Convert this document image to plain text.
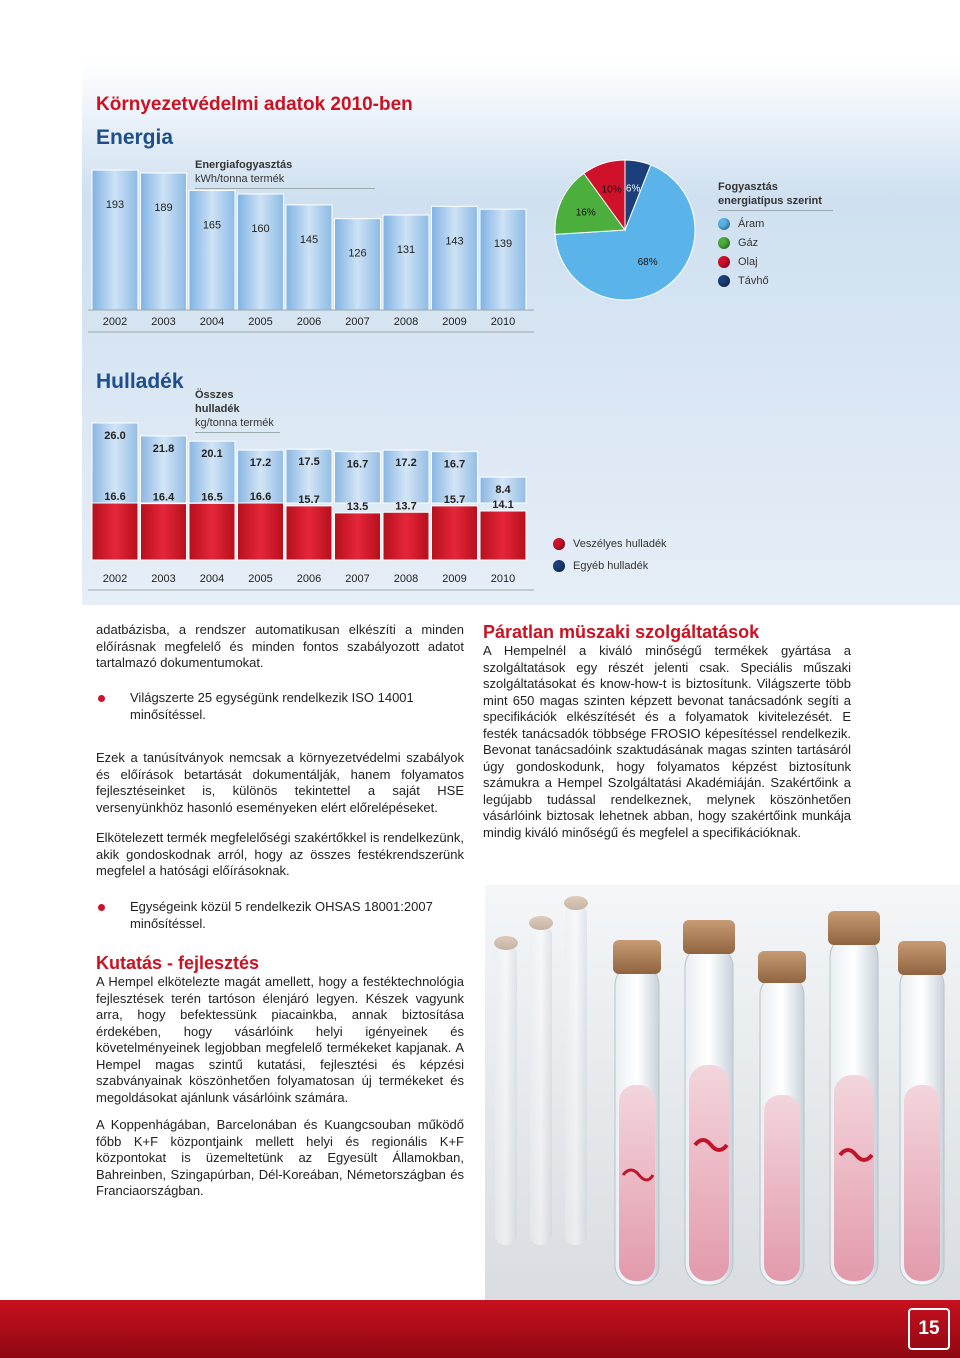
Környezetvédelmi adatok 2010-ben
Energia
Energiafogyasztás
kWh/tonna termék
193
2002
189
2003
165
2004
160
2005
145
2006
126
2007
131
2008
143
2009
139
2010
6%
68%
16%
10%	Fogyasztás energiatípus szerint
Áram
Gáz
Olaj
Távhő
Hulladék
Összes hulladék
kg/tonna termék
26.0
16.6
2002
21.8
16.4
2003
20.1
16.5
2004
17.2
16.6
2005
17.5
15.7
2006
16.7
13.5
2007
17.2
13.7
2008
16.7
15.7
2009
8.4
14.1
2010
Veszélyes hulladék
Egyéb hulladék
adatbázisba, a rendszer automatikusan elkészíti a minden előírásnak megfelelő és minden fontos szabályozott adatot tartalmazó dokumentumokat.
Világszerte 25 egységünk rendelkezik ISO 14001 minősítéssel.
Ezek a tanúsítványok nemcsak a környezetvédelmi szabályok és előírások betartását dokumentálják, hanem folyamatos fejlesztéseinket is, különös tekintettel a saját HSE versenyünkhöz hasonló eseményeken elért előrelépéseket.
Elkötelezett termék megfelelőségi szakértőkkel is rendelkezünk, akik gondoskodnak arról, hogy az összes festékrendszerünk megfelel a hatósági előírásoknak.
Egységeink közül 5 rendelkezik OHSAS 18001:2007 minősítéssel.
Kutatás - fejlesztés
A Hempel elkötelezte magát amellett, hogy a festéktechnológia fejlesztések terén tartóson élenjáró legyen. Készek vagyunk arra, hogy befektessünk piacainkba, annak biztosítása érdekében, hogy vásárlóink helyi igényeinek és követelményeinek legjobban megfelelő termékeket kapjanak. A Hempel magas szintű kutatási, fejlesztési és képzési szabványainak köszönhetően folyamatosan új termékeket és megoldásokat ajánlunk vásárlóink számára.
A Koppenhágában, Barcelonában és Kuangcsouban működő főbb K+F központjaink mellett helyi és regionális K+F központokat is üzemeltetünk az Egyesült Államokban, Bahreinben, Szingapúrban, Dél-Koreában, Németországban és Franciaországban.
Páratlan müszaki szolgáltatások
A Hempelnél a kiváló minőségű termékek gyártása a szolgáltatások egy részét jelenti csak. Speciális műszaki szolgáltatásokat és know-how-t is biztosítunk. Világszerte több mint 650 magas szinten képzett bevonat tanácsadónk segíti a specifikációk elkészítését és a folyamatok kivitelezését. E festék tanácsadók többsége FROSIO képesítéssel rendelkezik. Bevonat tanácsadóink szaktudásának magas szinten tartásáról úgy gondoskodunk, hogy folyamatos képzést biztosítunk számukra a Hempel Szolgáltatási Akadémiáján. Szakértőink a legújabb tudással rendelkeznek, melynek köszönhetően vásárlóink biztosak lehetnek abban, hogy szakértőink munkája mindig kiváló minőségű és megfelel a specifikációknak.
15
